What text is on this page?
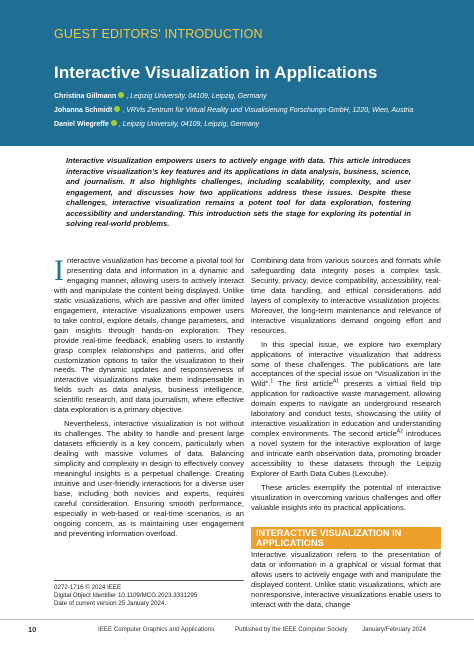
GUEST EDITORS' INTRODUCTION
Interactive Visualization in Applications
Christina Gillmann , Leipzig University, 04109, Leipzig, Germany
Johanna Schmidt , VRVis Zentrum für Virtual Reality und Visualisierung Forschungs-GmbH, 1220, Wien, Austria
Daniel Wiegreffe , Leipzig University, 04109, Leipzig, Germany
Interactive visualization empowers users to actively engage with data. This article introduces interactive visualization’s key features and its applications in data analysis, business, science, and journalism. It also highlights challenges, including scalability, complexity, and user engagement, and discusses how two applications address these issues. Despite these challenges, interactive visualization remains a potent tool for data exploration, fostering accessibility and understanding. This introduction sets the stage for exploring its potential in solving real-world problems.

Interactive visualization has become a pivotal tool for presenting data and information in a dynamic and engaging manner, allowing users to actively interact with and manipulate the content being displayed. Unlike static visualizations, which are passive and offer limited engagement, interactive visualizations empower users to take control, explore details, change parameters, and gain insights through hands-on exploration. They provide real-time feedback, enabling users to instantly grasp complex relationships and patterns, and offer customization options to tailor the visualization to their needs. The dynamic updates and responsiveness of interactive visualizations make them indispensable in fields such as data analysis, business intelligence, scientific research, and data journalism, where effective data exploration is a primary objective.

Nevertheless, interactive visualization is not without its challenges. The ability to handle and present large datasets efficiently is a key concern, particularly when dealing with massive volumes of data. Balancing simplicity and complexity in design to effectively convey meaningful insights is a perpetual challenge. Creating intuitive and user-friendly interactions for a diverse user base, including both novices and experts, requires careful consideration. Ensuring smooth performance, especially in web-based or real-time scenarios, is an ongoing concern, as is maintaining user engagement and preventing information overload.

Combining data from various sources and formats while safeguarding data integrity poses a complex task. Security, privacy, device compatibility, accessibility, real-time data handling, and ethical considerations add layers of complexity to interactive visualization projects. Moreover, the long-term maintenance and relevance of interactive visualizations demand ongoing effort and resources.

In this special issue, we explore two exemplary applications of interactive visualization that address some of these challenges. The publications are late acceptances of the special issue on “Visualization in the Wild”.$^1$ The first article$^{A1}$ presents a virtual field trip application for radioactive waste management, allowing domain experts to navigate an underground research laboratory and conduct tests, showcasing the utility of interactive visualization in education and understanding complex environments. The second article$^{A2}$ introduces a novel system for the interactive exploration of large and intricate earth observation data, promoting broader accessibility to these datasets through the Leipzig Explorer of Earth Data Cubes (Lexcube).

These articles exemplify the potential of interactive visualization in overcoming various challenges and offer valuable insights into its practical applications.

0272-1716 © 2024 IEEE
Digital Object Identifier 10.1109/MCG.2023.3331295
Date of current version 25 January 2024.
INTERACTIVE VISUALIZATION IN APPLICATIONS
Interactive visualization refers to the presentation of data or information in a graphical or visual format that allows users to actively engage with and manipulate the displayed content. Unlike static visualizations, which are nonresponsive, interactive visualizations enable users to interact with the data, change
10	IEEE Computer Graphics and Applications	Published by the IEEE Computer Society January/February 2024
